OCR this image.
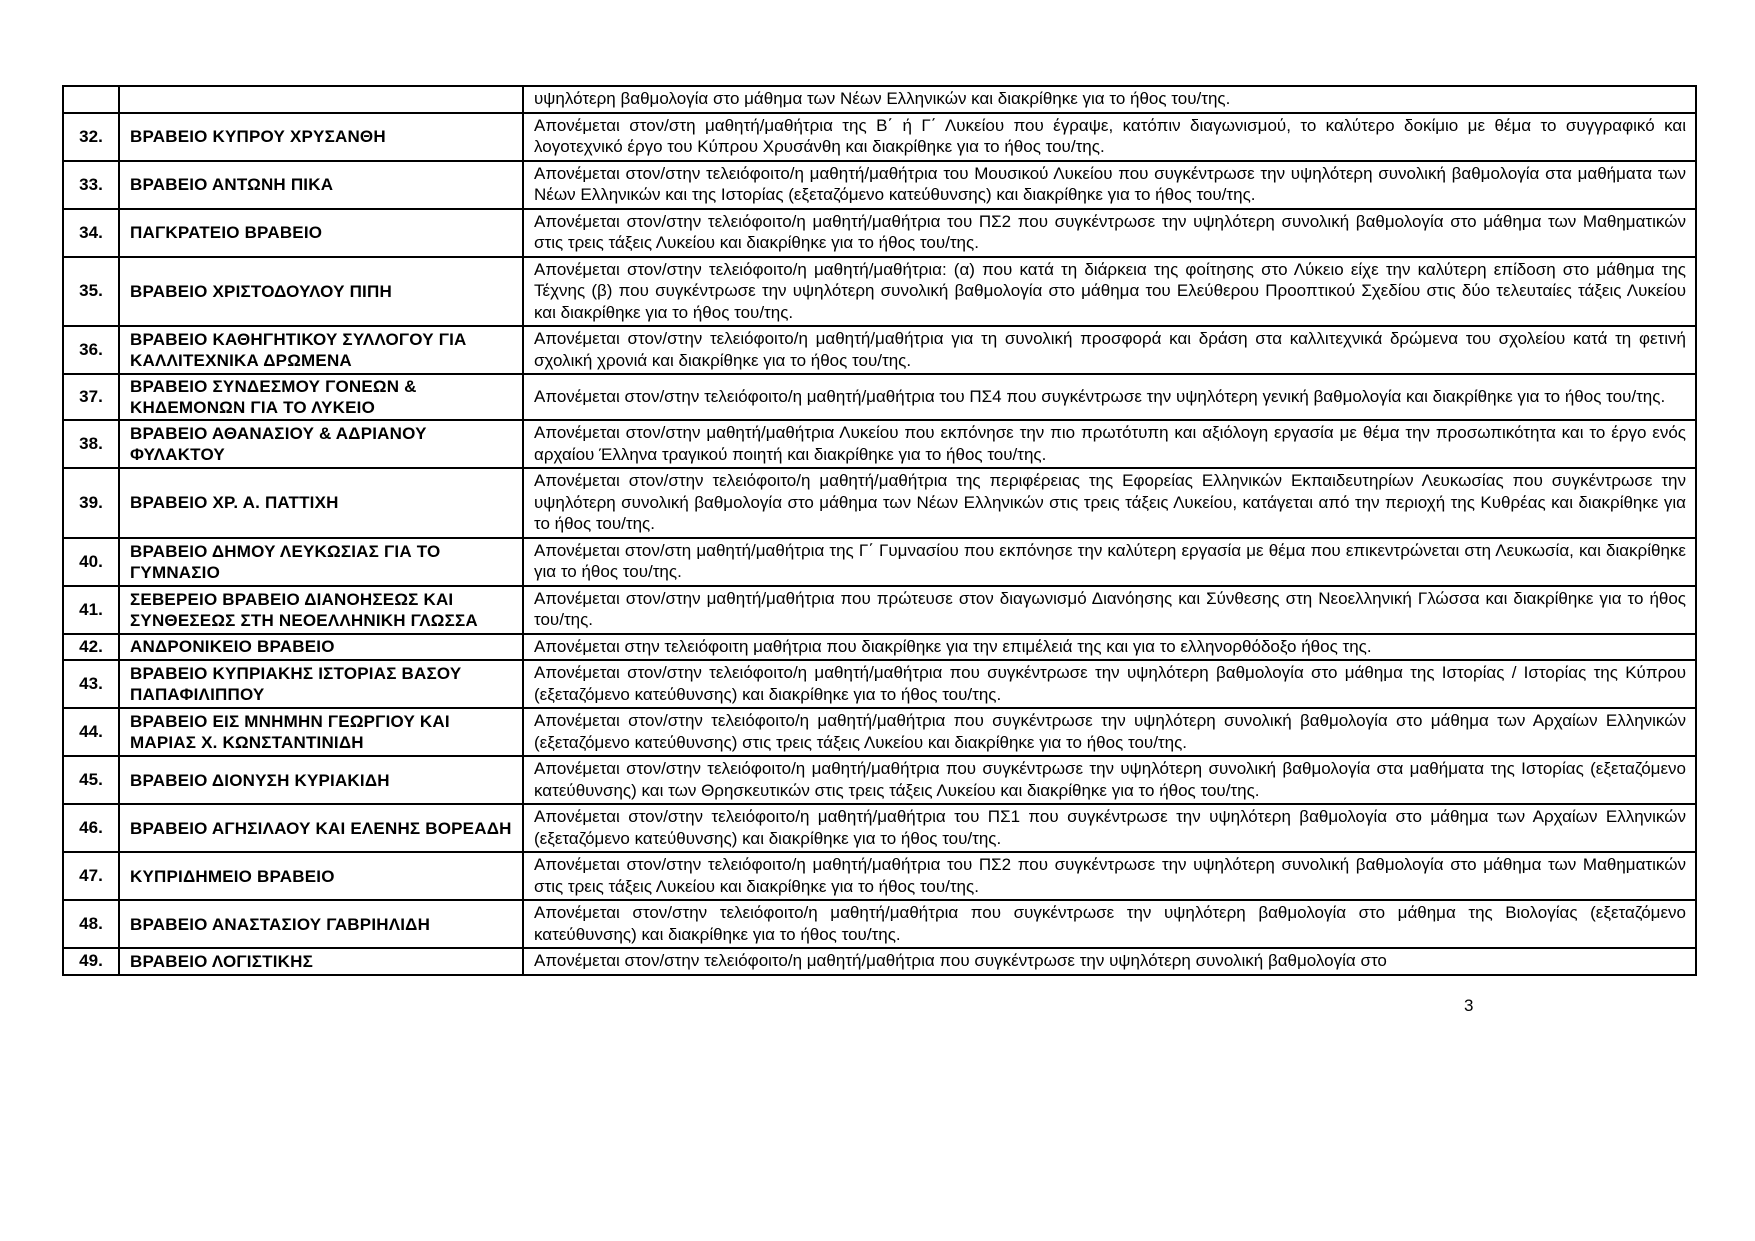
		υψηλότερη βαθμολογία στο μάθημα των Νέων Ελληνικών και διακρίθηκε για το ήθος του/της.
32.	ΒΡΑΒΕΙΟ ΚΥΠΡΟΥ ΧΡΥΣΑΝΘΗ	Απονέμεται στον/στη μαθητή/μαθήτρια της Β΄ ή Γ΄ Λυκείου που έγραψε, κατόπιν διαγωνισμού, το καλύτερο δοκίμιο με θέμα το συγγραφικό και λογοτεχνικό έργο του Κύπρου Χρυσάνθη και διακρίθηκε για το ήθος του/της.
33.	ΒΡΑΒΕΙΟ ΑΝΤΩΝΗ ΠΙΚΑ	Απονέμεται στον/στην τελειόφοιτο/η μαθητή/μαθήτρια του Μουσικού Λυκείου που συγκέντρωσε την υψηλότερη συνολική βαθμολογία στα μαθήματα των Νέων Ελληνικών και της Ιστορίας (εξεταζόμενο κατεύθυνσης) και διακρίθηκε για το ήθος του/της.
34.	ΠΑΓΚΡΑΤΕΙΟ ΒΡΑΒΕΙΟ	Απονέμεται στον/στην τελειόφοιτο/η μαθητή/μαθήτρια του ΠΣ2 που συγκέντρωσε την υψηλότερη συνολική βαθμολογία στο μάθημα των Μαθηματικών στις τρεις τάξεις Λυκείου και διακρίθηκε για το ήθος του/της.
35.	ΒΡΑΒΕΙΟ ΧΡΙΣΤΟΔΟΥΛΟΥ ΠΙΠΗ	Απονέμεται στον/στην τελειόφοιτο/η μαθητή/μαθήτρια: (α) που κατά τη διάρκεια της φοίτησης στο Λύκειο είχε την καλύτερη επίδοση στο μάθημα της Τέχνης (β) που συγκέντρωσε την υψηλότερη συνολική βαθμολογία στο μάθημα του Ελεύθερου Προοπτικού Σχεδίου στις δύο τελευταίες τάξεις Λυκείου και διακρίθηκε για το ήθος του/της.
36.	ΒΡΑΒΕΙΟ ΚΑΘΗΓΗΤΙΚΟΥ ΣΥΛΛΟΓΟΥ ΓΙΑ ΚΑΛΛΙΤΕΧΝΙΚΑ ΔΡΩΜΕΝΑ	Απονέμεται στον/στην τελειόφοιτο/η μαθητή/μαθήτρια για τη συνολική προσφορά και δράση στα καλλιτεχνικά δρώμενα του σχολείου κατά τη φετινή σχολική χρονιά και διακρίθηκε για το ήθος του/της.
37.	ΒΡΑΒΕΙΟ ΣΥΝΔΕΣΜΟΥ ΓΟΝΕΩΝ & ΚΗΔΕΜΟΝΩΝ ΓΙΑ ΤΟ ΛΥΚΕΙΟ	Απονέμεται στον/στην τελειόφοιτο/η μαθητή/μαθήτρια του ΠΣ4 που συγκέντρωσε την υψηλότερη γενική βαθμολογία και διακρίθηκε για το ήθος του/της.
38.	ΒΡΑΒΕΙΟ ΑΘΑΝΑΣΙΟΥ & ΑΔΡΙΑΝΟΥ ΦΥΛΑΚΤΟΥ	Απονέμεται στον/στην μαθητή/μαθήτρια Λυκείου που εκπόνησε την πιο πρωτότυπη και αξιόλογη εργασία με θέμα την προσωπικότητα και το έργο ενός αρχαίου Έλληνα τραγικού ποιητή και διακρίθηκε για το ήθος του/της.
39.	ΒΡΑΒΕΙΟ ΧΡ. Α. ΠΑΤΤΙΧΗ	Απονέμεται στον/στην τελειόφοιτο/η μαθητή/μαθήτρια της περιφέρειας της Εφορείας Ελληνικών Εκπαιδευτηρίων Λευκωσίας που συγκέντρωσε την υψηλότερη συνολική βαθμολογία στο μάθημα των Νέων Ελληνικών στις τρεις τάξεις Λυκείου, κατάγεται από την περιοχή της Κυθρέας και διακρίθηκε για το ήθος του/της.
40.	ΒΡΑΒΕΙΟ ΔΗΜΟΥ ΛΕΥΚΩΣΙΑΣ ΓΙΑ ΤΟ ΓΥΜΝΑΣΙΟ	Απονέμεται στον/στη μαθητή/μαθήτρια της Γ΄ Γυμνασίου που εκπόνησε την καλύτερη εργασία με θέμα που επικεντρώνεται στη Λευκωσία, και διακρίθηκε για το ήθος του/της.
41.	ΣΕΒΕΡΕΙΟ ΒΡΑΒΕΙΟ ΔΙΑΝΟΗΣΕΩΣ ΚΑΙ ΣΥΝΘΕΣΕΩΣ ΣΤΗ ΝΕΟΕΛΛΗΝΙΚΗ ΓΛΩΣΣΑ	Απονέμεται στον/στην μαθητή/μαθήτρια που πρώτευσε στον διαγωνισμό Διανόησης και Σύνθεσης στη Νεοελληνική Γλώσσα και διακρίθηκε για το ήθος του/της.
42.	ΑΝΔΡΟΝΙΚΕΙΟ ΒΡΑΒΕΙΟ	Απονέμεται στην τελειόφοιτη μαθήτρια που διακρίθηκε για την επιμέλειά της και για το ελληνορθόδοξο ήθος της.
43.	ΒΡΑΒΕΙΟ ΚΥΠΡΙΑΚΗΣ ΙΣΤΟΡΙΑΣ ΒΑΣΟΥ ΠΑΠΑΦΙΛΙΠΠΟΥ	Απονέμεται στον/στην τελειόφοιτο/η μαθητή/μαθήτρια που συγκέντρωσε την υψηλότερη βαθμολογία στο μάθημα της Ιστορίας / Ιστορίας της Κύπρου (εξεταζόμενο κατεύθυνσης) και διακρίθηκε για το ήθος του/της.
44.	ΒΡΑΒΕΙΟ ΕΙΣ ΜΝΗΜΗΝ ΓΕΩΡΓΙΟΥ ΚΑΙ ΜΑΡΙΑΣ Χ. ΚΩΝΣΤΑΝΤΙΝΙΔΗ	Απονέμεται στον/στην τελειόφοιτο/η μαθητή/μαθήτρια που συγκέντρωσε την υψηλότερη συνολική βαθμολογία στο μάθημα των Αρχαίων Ελληνικών (εξεταζόμενο κατεύθυνσης) στις τρεις τάξεις Λυκείου και διακρίθηκε για το ήθος του/της.
45.	ΒΡΑΒΕΙΟ ΔΙΟΝΥΣΗ ΚΥΡΙΑΚΙΔΗ	Απονέμεται στον/στην τελειόφοιτο/η μαθητή/μαθήτρια που συγκέντρωσε την υψηλότερη συνολική βαθμολογία στα μαθήματα της Ιστορίας (εξεταζόμενο κατεύθυνσης) και των Θρησκευτικών στις τρεις τάξεις Λυκείου και διακρίθηκε για το ήθος του/της.
46.	ΒΡΑΒΕΙΟ ΑΓΗΣΙΛΑΟΥ ΚΑΙ ΕΛΕΝΗΣ ΒΟΡΕΑΔΗ	Απονέμεται στον/στην τελειόφοιτο/η μαθητή/μαθήτρια του ΠΣ1 που συγκέντρωσε την υψηλότερη βαθμολογία στο μάθημα των Αρχαίων Ελληνικών (εξεταζόμενο κατεύθυνσης) και διακρίθηκε για το ήθος του/της.
47.	ΚΥΠΡΙΔΗΜΕΙΟ ΒΡΑΒΕΙΟ	Απονέμεται στον/στην τελειόφοιτο/η μαθητή/μαθήτρια του ΠΣ2 που συγκέντρωσε την υψηλότερη συνολική βαθμολογία στο μάθημα των Μαθηματικών στις τρεις τάξεις Λυκείου και διακρίθηκε για το ήθος του/της.
48.	ΒΡΑΒΕΙΟ ΑΝΑΣΤΑΣΙΟΥ ΓΑΒΡΙΗΛΙΔΗ	Απονέμεται στον/στην τελειόφοιτο/η μαθητή/μαθήτρια που συγκέντρωσε την υψηλότερη βαθμολογία στο μάθημα της Βιολογίας (εξεταζόμενο κατεύθυνσης) και διακρίθηκε για το ήθος του/της.
49.	ΒΡΑΒΕΙΟ ΛΟΓΙΣΤΙΚΗΣ	Απονέμεται στον/στην τελειόφοιτο/η μαθητή/μαθήτρια που συγκέντρωσε την υψηλότερη συνολική βαθμολογία στο
3
